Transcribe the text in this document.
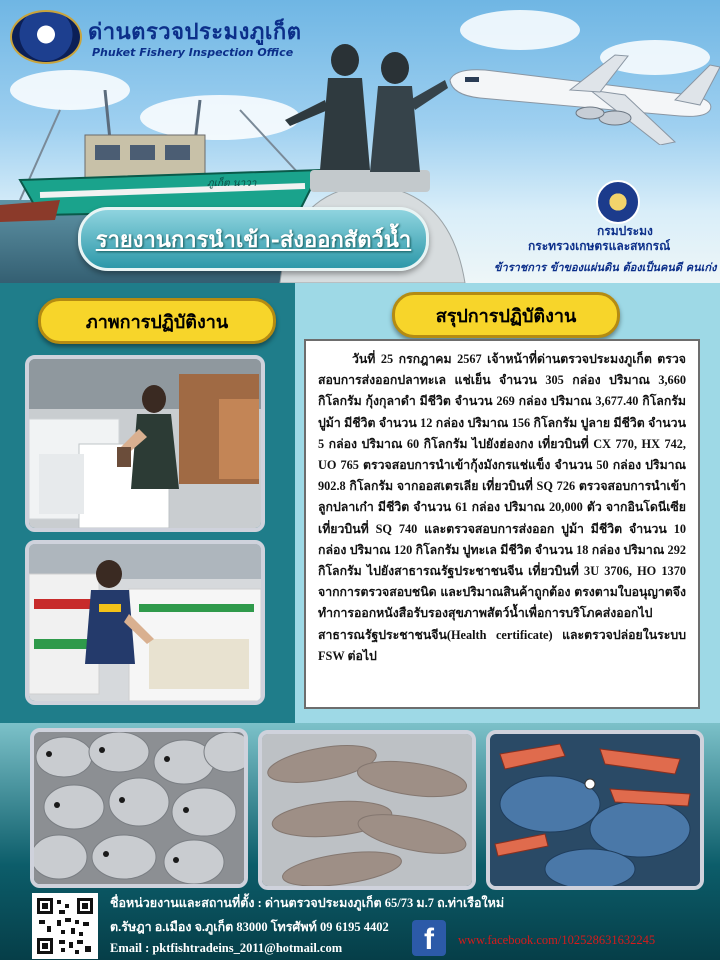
ภูเก็ต นาวา
ด่านตรวจประมงภูเก็ต
Phuket Fishery Inspection Office
รายงานการนำเข้า-ส่งออกสัตว์น้ำ	กรมประมง
กระทรวงเกษตรและสหกรณ์
ข้าราชการ ข้าของแผ่นดิน ต้องเป็นคนดี คนเก่ง
ภาพการปฏิบัติงาน	สรุปการปฏิบัติงาน

วันที่ 25 กรกฎาคม 2567 เจ้าหน้าที่ด่านตรวจประมงภูเก็ต ตรวจสอบการส่งออกปลาทะเล แช่เย็น จำนวน 305 กล่อง ปริมาณ 3,660 กิโลกรัม กุ้งกุลาดำ มีชีวิต จำนวน 269 กล่อง ปริมาณ 3,677.40 กิโลกรัม ปูม้า มีชีวิต จำนวน 12 กล่อง ปริมาณ 156 กิโลกรัม ปูลาย มีชีวิต จำนวน 5 กล่อง ปริมาณ 60 กิโลกรัม ไปยังฮ่องกง เที่ยวบินที่ CX 770, HX 742, UO 765 ตรวจสอบการนำเข้ากุ้งมังกรแช่แข็ง จำนวน 50 กล่อง ปริมาณ 902.8 กิโลกรัม จากออสเตรเลีย เที่ยวบินที่ SQ 726 ตรวจสอบการนำเข้าลูกปลาเก๋า มีชีวิต จำนวน 61 กล่อง ปริมาณ 20,000 ตัว จากอินโดนีเซีย เที่ยวบินที่ SQ 740 และตรวจสอบการส่งออก ปูม้า มีชีวิต จำนวน 10 กล่อง ปริมาณ 120 กิโลกรัม ปูทะเล มีชีวิต จำนวน 18 กล่อง ปริมาณ 292 กิโลกรัม ไปยังสาธารณรัฐประชาชนจีน เที่ยวบินที่ 3U 3706, HO 1370 จากการตรวจสอบชนิด และปริมาณสินค้าถูกต้อง ตรงตามใบอนุญาตจึงทำการออกหนังสือรับรองสุขภาพสัตว์น้ำเพื่อการบริโภคส่งออกไปสาธารณรัฐประชาชนจีน(Health certificate) และตรวจปล่อยในระบบ FSW ต่อไป

ชื่อหน่วยงานและสถานที่ตั้ง : ด่านตรวจประมงภูเก็ต 65/73 ม.7 ถ.ท่าเรือใหม่
ต.รัษฎา อ.เมือง จ.ภูเก็ต 83000 โทรศัพท์ 09 6195 4402
Email : pktfishtradeins_2011@hotmail.com	f	www.facebook.com/102528631632245
